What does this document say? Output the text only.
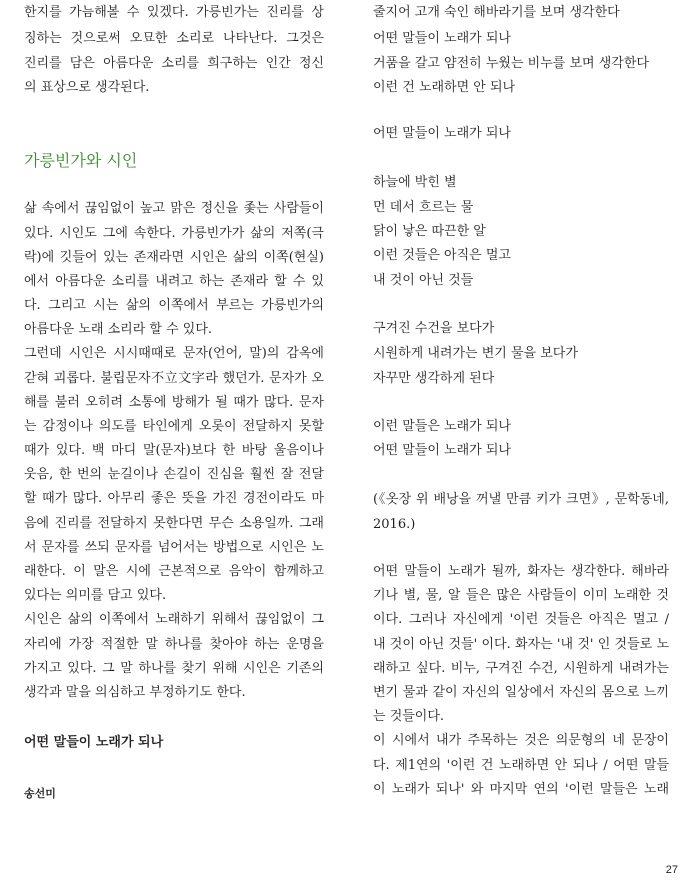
한지를 가늠해볼 수 있겠다. 가릉빈가는 진리를 상
징하는 것으로써 오묘한 소리로 나타난다. 그것은
진리를 담은 아름다운 소리를 희구하는 인간 정신
의 표상으로 생각된다.
가릉빈가와 시인
삶 속에서 끊임없이 높고 맑은 정신을 좇는 사람들이
있다. 시인도 그에 속한다. 가릉빈가가 삶의 저쪽(극
락)에 깃들어 있는 존재라면 시인은 삶의 이쪽(현실)
에서 아름다운 소리를 내려고 하는 존재라 할 수 있
다. 그리고 시는 삶의 이쪽에서 부르는 가릉빈가의
아름다운 노래 소리라 할 수 있다.
그런데 시인은 시시때때로 문자(언어, 말)의 감옥에
갇혀 괴롭다. 불립문자不立文字라 했던가. 문자가 오
해를 불러 오히려 소통에 방해가 될 때가 많다. 문자
는 감정이나 의도를 타인에게 오롯이 전달하지 못할
때가 있다. 백 마디 말(문자)보다 한 바탕 울음이나
웃음, 한 번의 눈길이나 손길이 진심을 훨씬 잘 전달
할 때가 많다. 아무리 좋은 뜻을 가진 경전이라도 마
음에 진리를 전달하지 못한다면 무슨 소용일까. 그래
서 문자를 쓰되 문자를 넘어서는 방법으로 시인은 노
래한다. 이 말은 시에 근본적으로 음악이 함께하고
있다는 의미를 담고 있다.
시인은 삶의 이쪽에서 노래하기 위해서 끊임없이 그
자리에 가장 적절한 말 하나를 찾아야 하는 운명을
가지고 있다. 그 말 하나를 찾기 위해 시인은 기존의
생각과 말을 의심하고 부정하기도 한다.
어떤 말들이 노래가 되나
송선미
줄지어 고개 숙인 해바라기를 보며 생각한다
어떤 말들이 노래가 되나
거품을 갈고 얌전히 누웠는 비누를 보며 생각한다
이런 건 노래하면 안 되나
어떤 말들이 노래가 되나
하늘에 박힌 별
먼 데서 흐르는 물
닭이 낳은 따끈한 알
이런 것들은 아직은 멀고
내 것이 아닌 것들
구겨진 수건을 보다가
시원하게 내려가는 변기 물을 보다가
자꾸만 생각하게 된다
이런 말들은 노래가 되나
어떤 말들이 노래가 되나
(《옷장 위 배낭을 꺼낼 만큼 키가 크면》, 문학동네,
2016.)
어떤 말들이 노래가 될까, 화자는 생각한다. 해바라
기나 별, 물, 알 들은 많은 사람들이 이미 노래한 것
이다. 그러나 자신에게 '이런 것들은 아직은 멀고 /
내 것이 아닌 것들' 이다. 화자는 '내 것' 인 것들로 노
래하고 싶다. 비누, 구겨진 수건, 시원하게 내려가는
변기 물과 같이 자신의 일상에서 자신의 몸으로 느끼
는 것들이다.
이 시에서 내가 주목하는 것은 의문형의 네 문장이
다. 제1연의 '이런 건 노래하면 안 되나 / 어떤 말들
이 노래가 되나' 와 마지막 연의 '이런 말들은 노래
27
